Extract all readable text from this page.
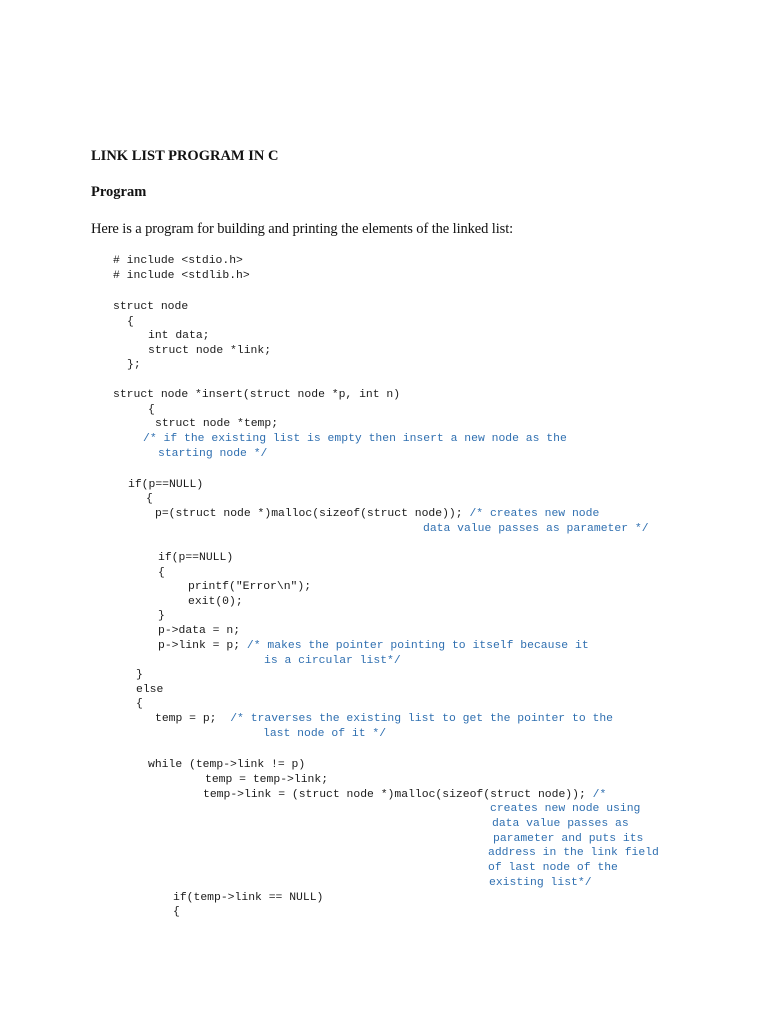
LINK LIST PROGRAM IN C
Program
Here is a program for building and printing the elements of the linked list:
# include <stdio.h>
# include <stdlib.h>
struct node
{
int data;
struct node *link;
};
struct node *insert(struct node *p, int n)
{
struct node *temp;
/* if the existing list is empty then insert a new node as the
starting node */
if(p==NULL)
{
p=(struct node *)malloc(sizeof(struct node)); /* creates new node
data value passes as parameter */
if(p==NULL)
{
printf("Error\n");
exit(0);
}
p->data = n;
p->link = p; /* makes the pointer pointing to itself because it
is a circular list*/
}
else
{
temp = p;  /* traverses the existing list to get the pointer to the
last node of it */
while (temp->link != p)
temp = temp->link;
temp->link = (struct node *)malloc(sizeof(struct node)); /*
creates new node using
data value passes as
parameter and puts its
address in the link field
of last node of the
existing list*/
if(temp->link == NULL)
{
